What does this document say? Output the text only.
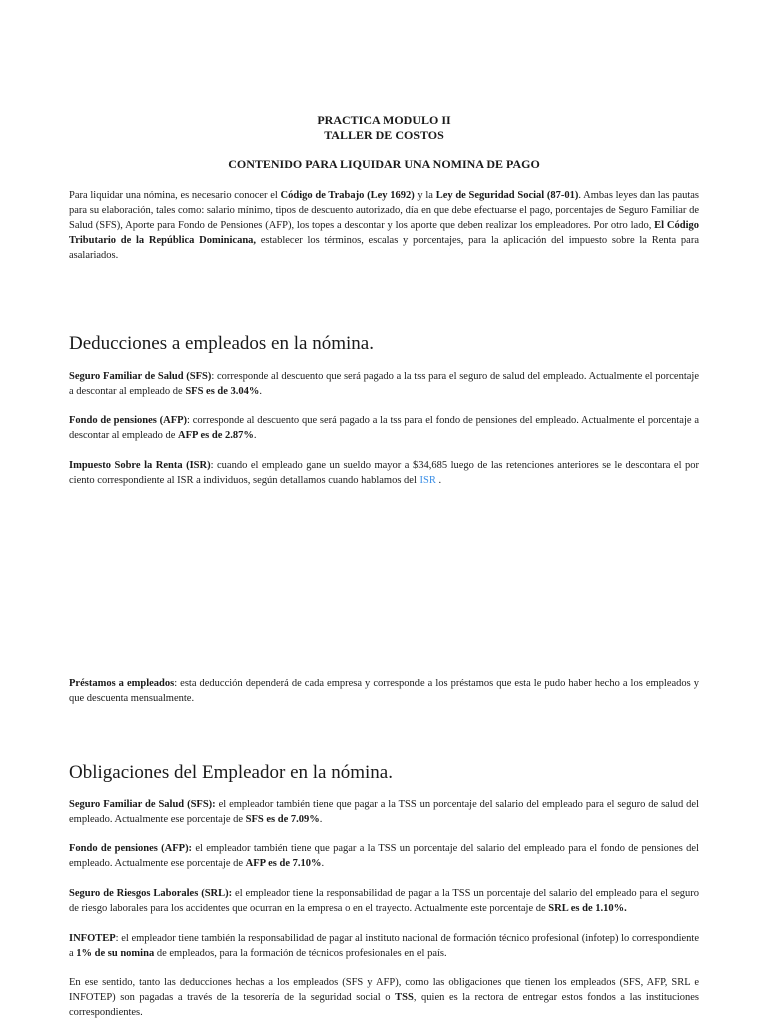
PRACTICA MODULO II
TALLER DE COSTOS
CONTENIDO PARA LIQUIDAR UNA NOMINA DE PAGO

Para liquidar una nómina, es necesario conocer el Código de Trabajo (Ley 1692) y la Ley de Seguridad Social (87-01). Ambas leyes dan las pautas para su elaboración, tales como: salario mínimo, tipos de descuento autorizado, día en que debe efectuarse el pago, porcentajes de Seguro Familiar de Salud (SFS), Aporte para Fondo de Pensiones (AFP), los topes a descontar y los aporte que deben realizar los empleadores. Por otro lado, El Código Tributario de la República Dominicana, establecer los términos, escalas y porcentajes, para la aplicación del impuesto sobre la Renta para asalariados.

Deducciones a empleados en la nómina.

Seguro Familiar de Salud (SFS): corresponde al descuento que será pagado a la tss para el seguro de salud del empleado. Actualmente el porcentaje a descontar al empleado de SFS es de 3.04%.

Fondo de pensiones (AFP): corresponde al descuento que será pagado a la tss para el fondo de pensiones del empleado. Actualmente el porcentaje a descontar al empleado de AFP es de 2.87%.

Impuesto Sobre la Renta (ISR): cuando el empleado gane un sueldo mayor a $34,685 luego de las retenciones anteriores se le descontara el por ciento correspondiente al ISR a individuos, según detallamos cuando hablamos del ISR .

Préstamos a empleados: esta deducción dependerá de cada empresa y corresponde a los préstamos que esta le pudo haber hecho a los empleados y que descuenta mensualmente.

Obligaciones del Empleador en la nómina.

Seguro Familiar de Salud (SFS): el empleador también tiene que pagar a la TSS un porcentaje del salario del empleado para el seguro de salud del empleado. Actualmente ese porcentaje de SFS es de 7.09%.

Fondo de pensiones (AFP): el empleador también tiene que pagar a la TSS un porcentaje del salario del empleado para el fondo de pensiones del empleado. Actualmente ese porcentaje de AFP es de 7.10%.

Seguro de Riesgos Laborales (SRL): el empleador tiene la responsabilidad de pagar a la TSS un porcentaje del salario del empleado para el seguro de riesgo laborales para los accidentes que ocurran en la empresa o en el trayecto. Actualmente este porcentaje de SRL es de 1.10%.

INFOTEP: el empleador tiene también la responsabilidad de pagar al instituto nacional de formación técnico profesional (infotep) lo correspondiente a 1% de su nomina de empleados, para la formación de técnicos profesionales en el país.

En ese sentido, tanto las deducciones hechas a los empleados (SFS y AFP), como las obligaciones que tienen los empleados (SFS, AFP, SRL e INFOTEP) son pagadas a través de la tesorería de la seguridad social o TSS, quien es la rectora de entregar estos fondos a las instituciones correspondientes.
